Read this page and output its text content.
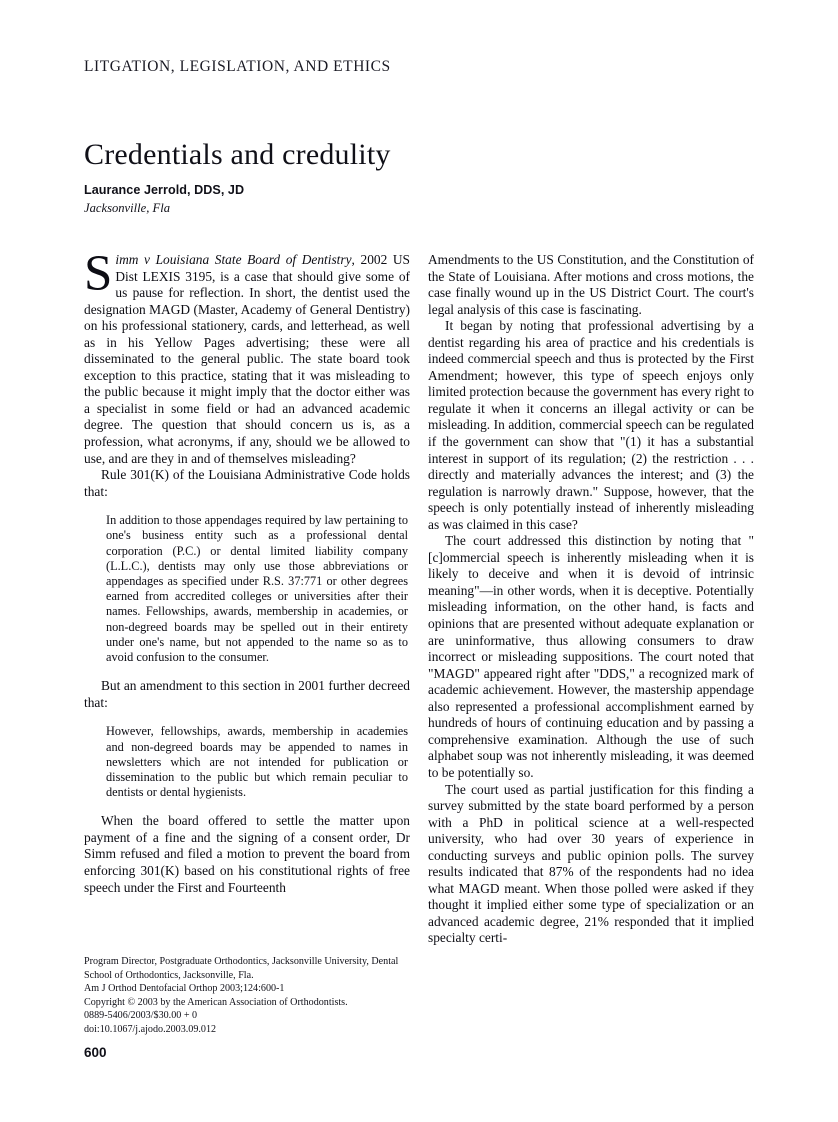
LITGATION, LEGISLATION, AND ETHICS
Credentials and credulity
Laurance Jerrold, DDS, JD
Jacksonville, Fla

Simm v Louisiana State Board of Dentistry, 2002 US Dist LEXIS 3195, is a case that should give some of us pause for reflection. In short, the dentist used the designation MAGD (Master, Academy of General Dentistry) on his professional stationery, cards, and letterhead, as well as in his Yellow Pages advertising; these were all disseminated to the general public. The state board took exception to this practice, stating that it was misleading to the public because it might imply that the doctor either was a specialist in some field or had an advanced academic degree. The question that should concern us is, as a profession, what acronyms, if any, should we be allowed to use, and are they in and of themselves misleading?

Rule 301(K) of the Louisiana Administrative Code holds that:

In addition to those appendages required by law pertaining to one's business entity such as a professional dental corporation (P.C.) or dental limited liability company (L.L.C.), dentists may only use those abbreviations or appendages as specified under R.S. 37:771 or other degrees earned from accredited colleges or universities after their names. Fellowships, awards, membership in academies, or non-degreed boards may be spelled out in their entirety under one's name, but not appended to the name so as to avoid confusion to the consumer.

But an amendment to this section in 2001 further decreed that:

However, fellowships, awards, membership in academies and non-degreed boards may be appended to names in newsletters which are not intended for publication or dissemination to the public but which remain peculiar to dentists or dental hygienists.

When the board offered to settle the matter upon payment of a fine and the signing of a consent order, Dr Simm refused and filed a motion to prevent the board from enforcing 301(K) based on his constitutional rights of free speech under the First and Fourteenth

Amendments to the US Constitution, and the Constitution of the State of Louisiana. After motions and cross motions, the case finally wound up in the US District Court. The court's legal analysis of this case is fascinating.

It began by noting that professional advertising by a dentist regarding his area of practice and his credentials is indeed commercial speech and thus is protected by the First Amendment; however, this type of speech enjoys only limited protection because the government has every right to regulate it when it concerns an illegal activity or can be misleading. In addition, commercial speech can be regulated if the government can show that "(1) it has a substantial interest in support of its regulation; (2) the restriction . . . directly and materially advances the interest; and (3) the regulation is narrowly drawn." Suppose, however, that the speech is only potentially instead of inherently misleading as was claimed in this case?

The court addressed this distinction by noting that "[c]ommercial speech is inherently misleading when it is likely to deceive and when it is devoid of intrinsic meaning"—in other words, when it is deceptive. Potentially misleading information, on the other hand, is facts and opinions that are presented without adequate explanation or are uninformative, thus allowing consumers to draw incorrect or misleading suppositions. The court noted that "MAGD" appeared right after "DDS," a recognized mark of academic achievement. However, the mastership appendage also represented a professional accomplishment earned by hundreds of hours of continuing education and by passing a comprehensive examination. Although the use of such alphabet soup was not inherently misleading, it was deemed to be potentially so.

The court used as partial justification for this finding a survey submitted by the state board performed by a person with a PhD in political science at a well-respected university, who had over 30 years of experience in conducting surveys and public opinion polls. The survey results indicated that 87% of the respondents had no idea what MAGD meant. When those polled were asked if they thought it implied either some type of specialization or an advanced academic degree, 21% responded that it implied specialty certi-

Program Director, Postgraduate Orthodontics, Jacksonville University, Dental
School of Orthodontics, Jacksonville, Fla.
Am J Orthod Dentofacial Orthop 2003;124:600-1
Copyright © 2003 by the American Association of Orthodontists.
0889-5406/2003/$30.00 + 0
doi:10.1067/j.ajodo.2003.09.012
600
